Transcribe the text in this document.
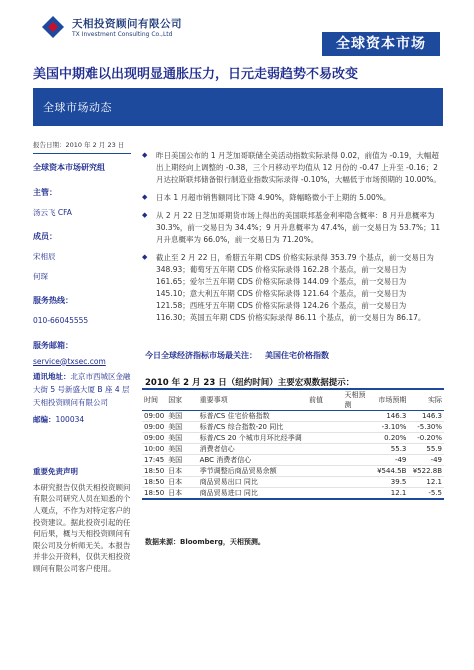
天相投资顾问有限公司
TX Investment Consulting Co.,Ltd
全球资本市场
美国中期难以出现明显通胀压力，日元走弱趋势不易改变
全球市场动态
报告日期：2010 年 2 月 23 日
全球资本市场研究组
主管：
汤云飞 CFA
成员：
宋相辰
何琛
服务热线：
010-66045555
服务邮箱：
service@txsec.com
通讯地址：北京市西城区金融大街 5 号新盛大厦 B 座 4 层 天相投资顾问有限公司
邮编：100034
重要免责声明
本研究报告仅供天相投资顾问有限公司研究人员在知悉的个人观点，不作为对特定客户的投资建议。据此投资引起的任何后果，概与天相投资顾问有限公司及分析师无关。本报告并非公开资料，仅供天相投资顾问有限公司客户使用。
◆ 昨日美国公布的 1 月芝加哥联储全美活动指数实际录得 0.02，前值为 -0.19，大幅超出上期经向上调整的 -0.38，三个月移动平均值从 12 月份的 -0.47 上升至 -0.16；2 月达拉斯联邦储备银行制造业指数实际录得 -0.10%，大幅低于市场预期的 10.00%。
◆ 日本 1 月超市销售额同比下降 4.90%，降幅略微小于上期的 5.00%。
◆ 从 2 月 22 日芝加哥期货市场上得出的美国联邦基金利率隐含概率：8 月升息概率为 30.3%，前一交易日为 34.4%；9 月升息概率为 47.4%，前一交易日为 53.7%；11 月升息概率为 66.0%，前一交易日为 71.20%。
◆ 截止至 2 月 22 日，希腊五年期 CDS 价格实际录得 353.79 个基点，前一交易日为 348.93；葡萄牙五年期 CDS 价格实际录得 162.28 个基点，前一交易日为 161.65；爱尔兰五年期 CDS 价格实际录得 144.09 个基点，前一交易日为 145.10；意大利五年期 CDS 价格实际录得 121.64 个基点，前一交易日为 121.58；西班牙五年期 CDS 价格实际录得 124.26 个基点，前一交易日为 116.30；英国五年期 CDS 价格实际录得 86.11 个基点，前一交易日为 86.17。
今日全球经济指标市场最关注： 美国住宅价格指数
2010 年 2 月 23 日（纽约时间）主要宏观数据提示：
时间	国家	重要事项	前值	天相预测	市场预期	实际
09:00	美国	标普/CS 住宅价格指数			146.3	146.3
09:00	美国	标普/CS 综合指数-20 同比			-3.10%	-5.30%
09:00	美国	标普/CS 20 个城市月环比经季调			0.20%	-0.20%
10:00	美国	消费者信心			55.3	55.9
17:45	美国	ABC 消费者信心			-49	-49
18:50	日本	季节调整后商品贸易余额			¥544.5B	¥522.8B
18:50	日本	商品贸易出口 同比			39.5	12.1
18:50	日本	商品贸易进口 同比			12.1	-5.5
数据来源：Bloomberg，天相预测。
